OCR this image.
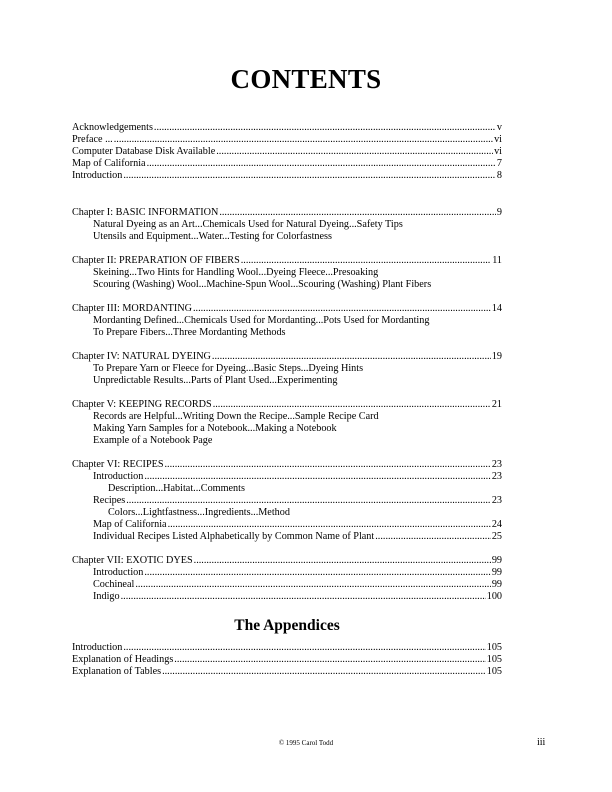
CONTENTS
Acknowledgements .....	v
Preface ... .....	vi
Computer Database Disk Available .....	vi
Map of California .....	7
Introduction .....	8
Chapter I: BASIC INFORMATION .....	9
Natural Dyeing as an Art...Chemicals Used for Natural Dyeing...Safety Tips
Utensils and Equipment...Water...Testing for Colorfastness
Chapter II: PREPARATION OF FIBERS .....	11
Skeining...Two Hints for Handling Wool...Dyeing Fleece...Presoaking
Scouring (Washing) Wool...Machine-Spun Wool...Scouring (Washing) Plant Fibers
Chapter III: MORDANTING .....	14
Mordanting Defined...Chemicals Used for Mordanting...Pots Used for Mordanting
To Prepare Fibers...Three Mordanting Methods
Chapter IV: NATURAL DYEING .....	19
To Prepare Yarn or Fleece for Dyeing...Basic Steps...Dyeing Hints
Unpredictable Results...Parts of Plant Used...Experimenting
Chapter V: KEEPING RECORDS .....	21
Records are Helpful...Writing Down the Recipe...Sample Recipe Card
Making Yarn Samples for a Notebook...Making a Notebook
Example of a Notebook Page
Chapter VI: RECIPES .....	23
Introduction .....	23
Description...Habitat...Comments
Recipes .....	23
Colors...Lightfastness...Ingredients...Method
Map of California .....	24
Individual Recipes Listed Alphabetically by Common Name of Plant .....	25
Chapter VII: EXOTIC DYES .....	99
Introduction .....	99
Cochineal .....	99
Indigo .....	100
The Appendices
Introduction .....	105
Explanation of Headings .....	105
Explanation of Tables .....	105
© 1995 Carol Todd	iii
